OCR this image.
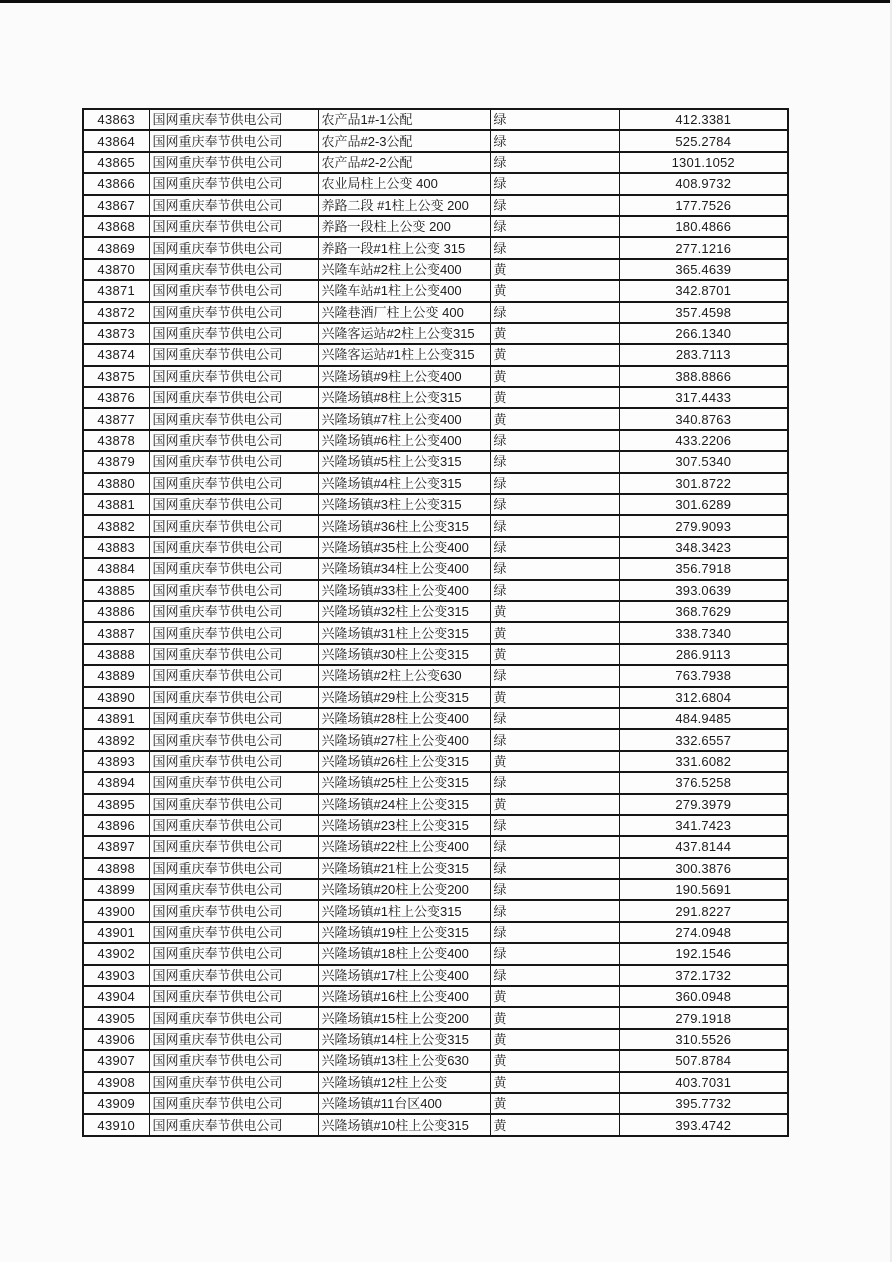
43863	国网重庆奉节供电公司	农产品1#-1公配	绿	412.3381
43864	国网重庆奉节供电公司	农产品#2-3公配	绿	525.2784
43865	国网重庆奉节供电公司	农产品#2-2公配	绿	1301.1052
43866	国网重庆奉节供电公司	农业局柱上公变 400	绿	408.9732
43867	国网重庆奉节供电公司	养路二段 #1柱上公变 200	绿	177.7526
43868	国网重庆奉节供电公司	养路一段柱上公变 200	绿	180.4866
43869	国网重庆奉节供电公司	养路一段#1柱上公变 315	绿	277.1216
43870	国网重庆奉节供电公司	兴隆车站#2柱上公变400	黄	365.4639
43871	国网重庆奉节供电公司	兴隆车站#1柱上公变400	黄	342.8701
43872	国网重庆奉节供电公司	兴隆巷酒厂柱上公变 400	绿	357.4598
43873	国网重庆奉节供电公司	兴隆客运站#2柱上公变315	黄	266.1340
43874	国网重庆奉节供电公司	兴隆客运站#1柱上公变315	黄	283.7113
43875	国网重庆奉节供电公司	兴隆场镇#9柱上公变400	黄	388.8866
43876	国网重庆奉节供电公司	兴隆场镇#8柱上公变315	黄	317.4433
43877	国网重庆奉节供电公司	兴隆场镇#7柱上公变400	黄	340.8763
43878	国网重庆奉节供电公司	兴隆场镇#6柱上公变400	绿	433.2206
43879	国网重庆奉节供电公司	兴隆场镇#5柱上公变315	绿	307.5340
43880	国网重庆奉节供电公司	兴隆场镇#4柱上公变315	绿	301.8722
43881	国网重庆奉节供电公司	兴隆场镇#3柱上公变315	绿	301.6289
43882	国网重庆奉节供电公司	兴隆场镇#36柱上公变315	绿	279.9093
43883	国网重庆奉节供电公司	兴隆场镇#35柱上公变400	绿	348.3423
43884	国网重庆奉节供电公司	兴隆场镇#34柱上公变400	绿	356.7918
43885	国网重庆奉节供电公司	兴隆场镇#33柱上公变400	绿	393.0639
43886	国网重庆奉节供电公司	兴隆场镇#32柱上公变315	黄	368.7629
43887	国网重庆奉节供电公司	兴隆场镇#31柱上公变315	黄	338.7340
43888	国网重庆奉节供电公司	兴隆场镇#30柱上公变315	黄	286.9113
43889	国网重庆奉节供电公司	兴隆场镇#2柱上公变630	绿	763.7938
43890	国网重庆奉节供电公司	兴隆场镇#29柱上公变315	黄	312.6804
43891	国网重庆奉节供电公司	兴隆场镇#28柱上公变400	绿	484.9485
43892	国网重庆奉节供电公司	兴隆场镇#27柱上公变400	绿	332.6557
43893	国网重庆奉节供电公司	兴隆场镇#26柱上公变315	黄	331.6082
43894	国网重庆奉节供电公司	兴隆场镇#25柱上公变315	绿	376.5258
43895	国网重庆奉节供电公司	兴隆场镇#24柱上公变315	黄	279.3979
43896	国网重庆奉节供电公司	兴隆场镇#23柱上公变315	绿	341.7423
43897	国网重庆奉节供电公司	兴隆场镇#22柱上公变400	绿	437.8144
43898	国网重庆奉节供电公司	兴隆场镇#21柱上公变315	绿	300.3876
43899	国网重庆奉节供电公司	兴隆场镇#20柱上公变200	绿	190.5691
43900	国网重庆奉节供电公司	兴隆场镇#1柱上公变315	绿	291.8227
43901	国网重庆奉节供电公司	兴隆场镇#19柱上公变315	绿	274.0948
43902	国网重庆奉节供电公司	兴隆场镇#18柱上公变400	绿	192.1546
43903	国网重庆奉节供电公司	兴隆场镇#17柱上公变400	绿	372.1732
43904	国网重庆奉节供电公司	兴隆场镇#16柱上公变400	黄	360.0948
43905	国网重庆奉节供电公司	兴隆场镇#15柱上公变200	黄	279.1918
43906	国网重庆奉节供电公司	兴隆场镇#14柱上公变315	黄	310.5526
43907	国网重庆奉节供电公司	兴隆场镇#13柱上公变630	黄	507.8784
43908	国网重庆奉节供电公司	兴隆场镇#12柱上公变	黄	403.7031
43909	国网重庆奉节供电公司	兴隆场镇#11台区400	黄	395.7732
43910	国网重庆奉节供电公司	兴隆场镇#10柱上公变315	黄	393.4742
